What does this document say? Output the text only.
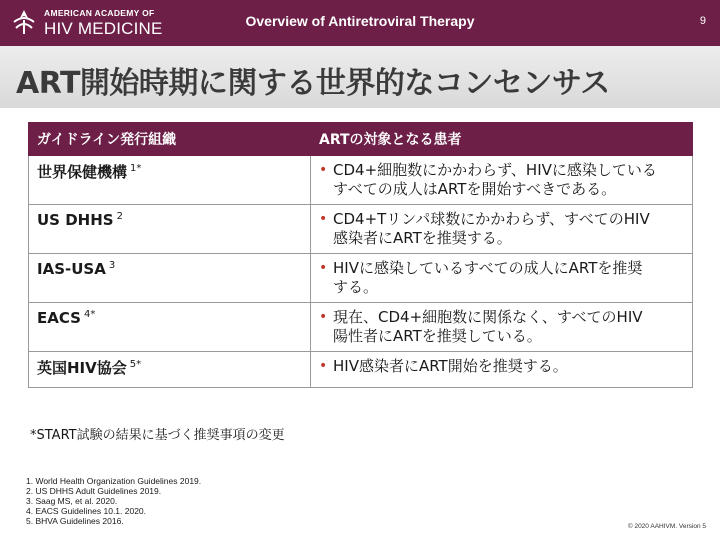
AMERICAN ACADEMY OF
HIV MEDICINE	Overview of Antiretroviral Therapy	9
ART開始時期に関する世界的なコンセンサス
ガイドライン発行組織	ARTの対象となる患者
世界保健機構 $^{1*}$	• CD4+細胞数にかかわらず、HIVに感染している
すべての成人はARTを開始すべきである。

US DHHS $^2$	• CD4+Tリンパ球数にかかわらず、すべてのHIV
感染者にARTを推奨する。

IAS-USA $^3$	• HIVに感染しているすべての成人にARTを推奨
する。

EACS $^{4*}$	• 現在、CD4+細胞数に関係なく、すべてのHIV
陽性者にARTを推奨している。

英国HIV協会 $^{5*}$	• HIV感染者にART開始を推奨する。
*START試験の結果に基づく推奨事項の変更
1. World Health Organization Guidelines 2019.
2. US DHHS Adult Guidelines 2019.
3. Saag MS, et al. 2020.
4. EACS Guidelines 10.1. 2020.
5. BHVA Guidelines 2016.
© 2020 AAHIVM. Version 5
